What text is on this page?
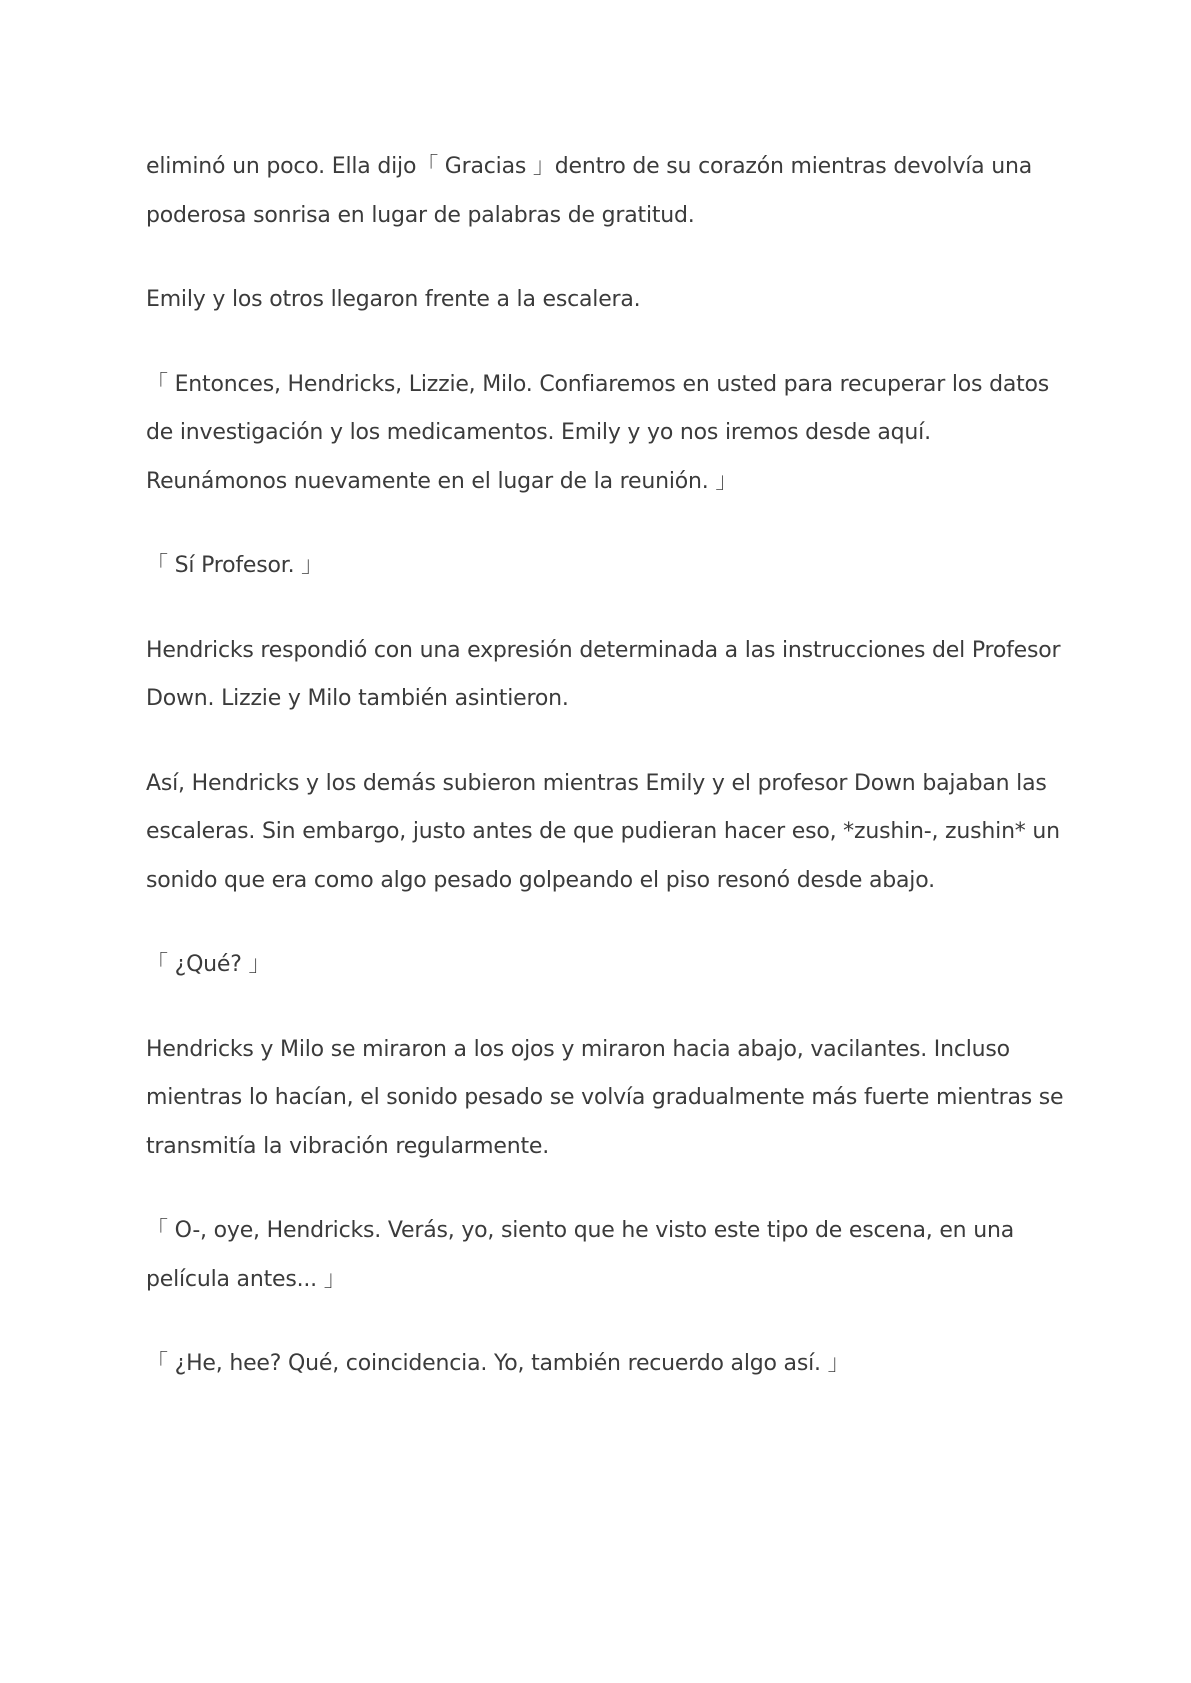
eliminó un poco. Ella dijo「 Gracias 」dentro de su corazón mientras devolvía una poderosa sonrisa en lugar de palabras de gratitud.

Emily y los otros llegaron frente a la escalera.

「 Entonces, Hendricks, Lizzie, Milo. Confiaremos en usted para recuperar los datos de investigación y los medicamentos. Emily y yo nos iremos desde aquí. Reunámonos nuevamente en el lugar de la reunión. 」

「 Sí Profesor. 」

Hendricks respondió con una expresión determinada a las instrucciones del Profesor Down. Lizzie y Milo también asintieron.

Así, Hendricks y los demás subieron mientras Emily y el profesor Down bajaban las escaleras. Sin embargo, justo antes de que pudieran hacer eso, *zushin-, zushin* un sonido que era como algo pesado golpeando el piso resonó desde abajo.

「 ¿Qué? 」

Hendricks y Milo se miraron a los ojos y miraron hacia abajo, vacilantes. Incluso mientras lo hacían, el sonido pesado se volvía gradualmente más fuerte mientras se transmitía la vibración regularmente.

「 O-, oye, Hendricks. Verás, yo, siento que he visto este tipo de escena, en una película antes... 」

「 ¿He, hee? Qué, coincidencia. Yo, también recuerdo algo así. 」
